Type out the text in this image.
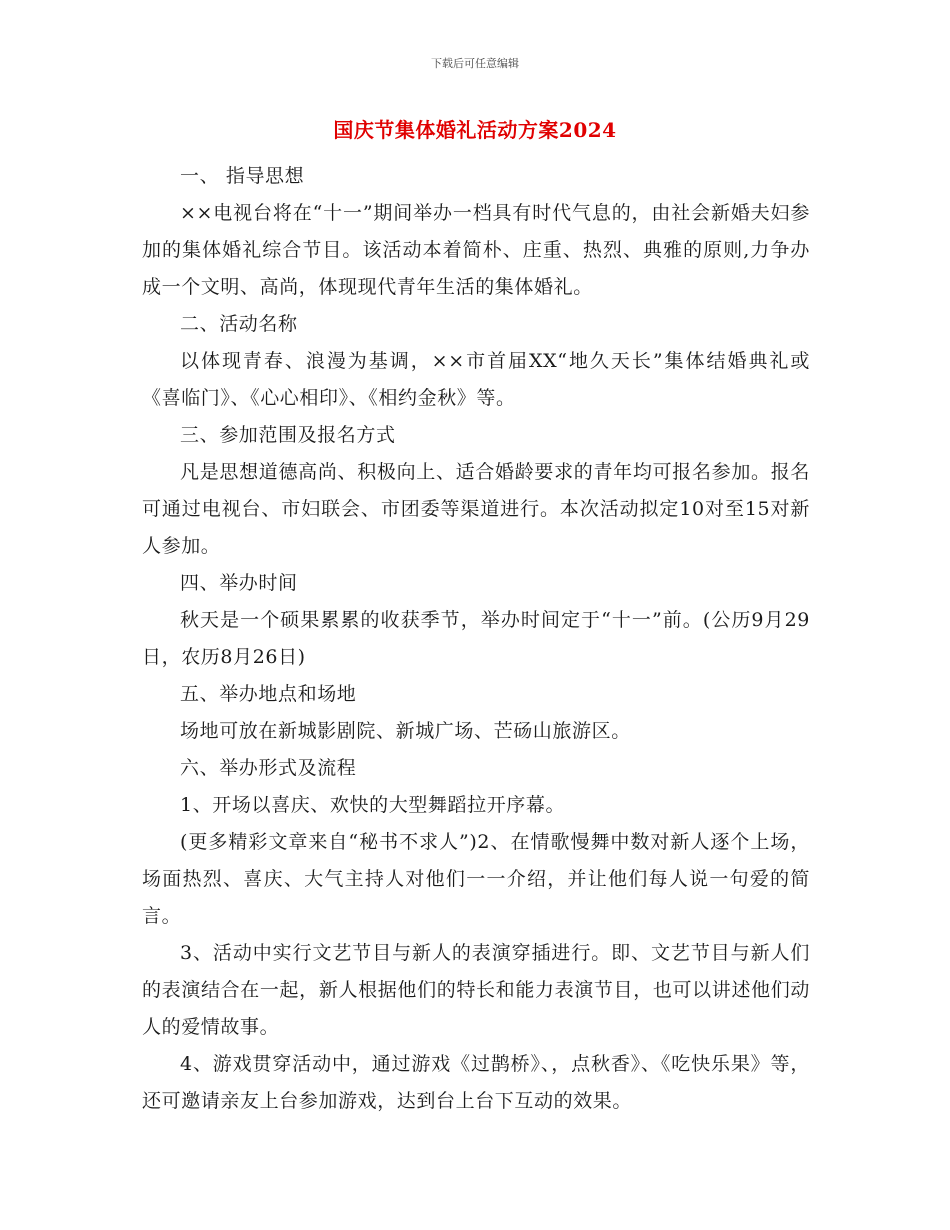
下载后可任意编辑
国庆节集体婚礼活动方案2024

一、 指导思想

××电视台将在“十一”期间举办一档具有时代气息的，由社会新婚夫妇参加的集体婚礼综合节目。该活动本着简朴、庄重、热烈、典雅的原则,力争办成一个文明、高尚，体现现代青年生活的集体婚礼。

二、活动名称

以体现青春、浪漫为基调，××市首届XX“地久天长”集体结婚典礼或《喜临门》、《心心相印》、《相约金秋》等。

三、参加范围及报名方式

凡是思想道德高尚、积极向上、适合婚龄要求的青年均可报名参加。报名可通过电视台、市妇联会、市团委等渠道进行。本次活动拟定10对至15对新人参加。

四、举办时间

秋天是一个硕果累累的收获季节，举办时间定于“十一”前。(公历9月29日，农历8月26日)

五、举办地点和场地

场地可放在新城影剧院、新城广场、芒砀山旅游区。

六、举办形式及流程

1、开场以喜庆、欢快的大型舞蹈拉开序幕。

(更多精彩文章来自“秘书不求人”)2、在情歌慢舞中数对新人逐个上场，场面热烈、喜庆、大气主持人对他们一一介绍，并让他们每人说一句爱的简言。

3、活动中实行文艺节目与新人的表演穿插进行。即、文艺节目与新人们的表演结合在一起，新人根据他们的特长和能力表演节目，也可以讲述他们动人的爱情故事。

4、游戏贯穿活动中，通过游戏《过鹊桥》、，点秋香》、《吃快乐果》等，还可邀请亲友上台参加游戏，达到台上台下互动的效果。
